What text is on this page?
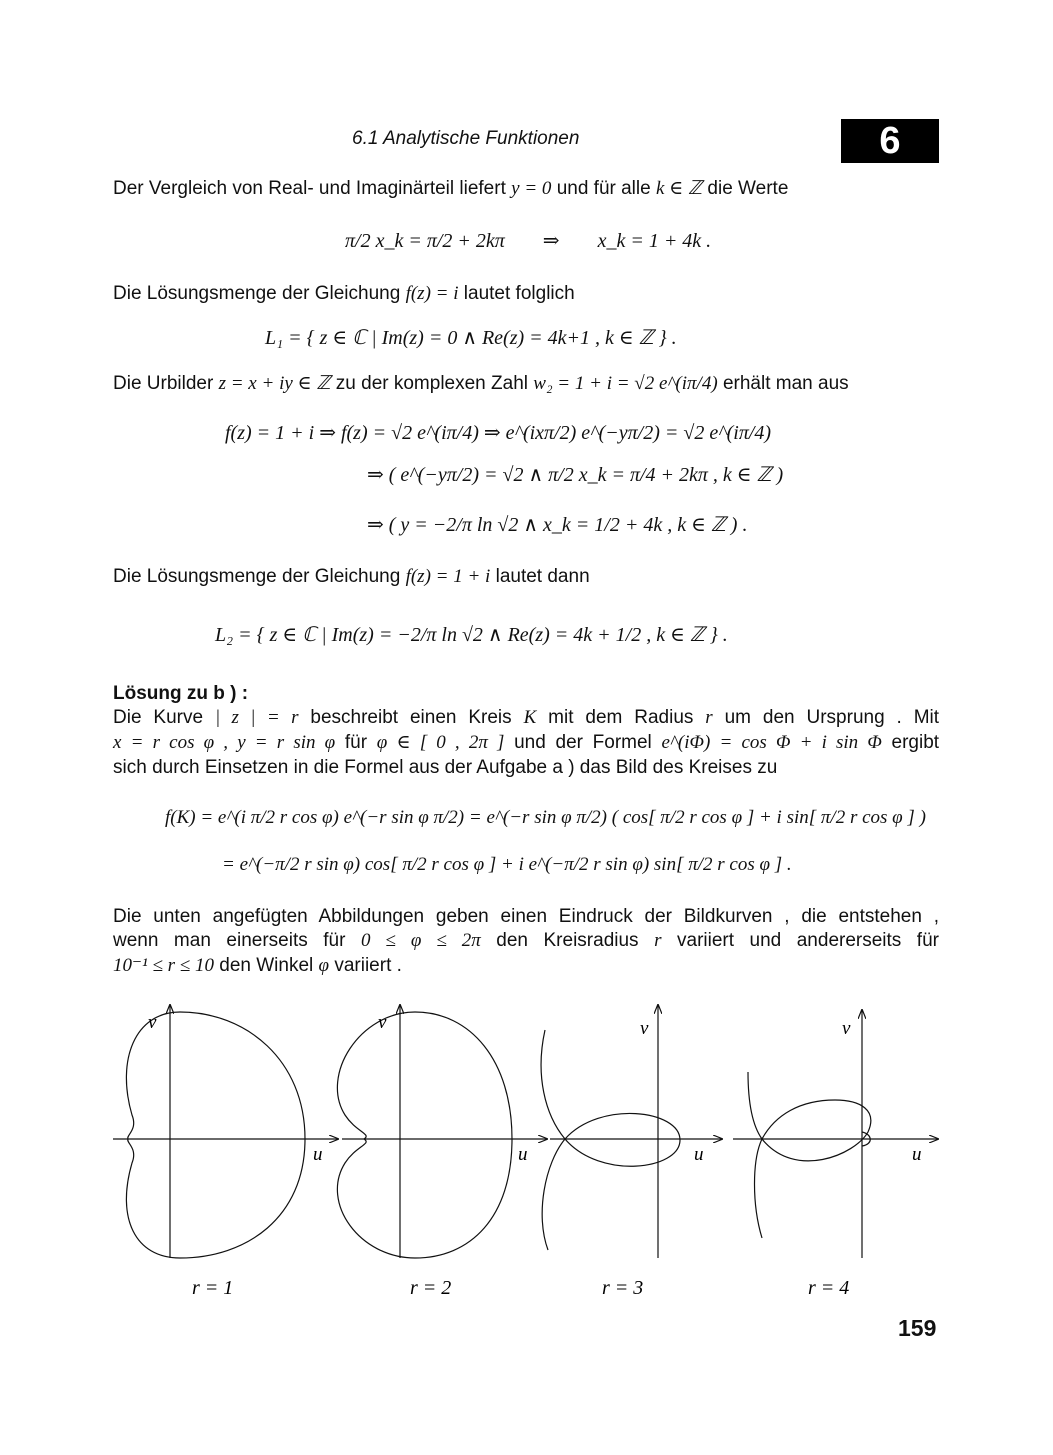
6.1 Analytische Funktionen	6
Der Vergleich von Real- und Imaginärteil liefert y = 0 und für alle k ∈ ℤ die Werte
π/2 x_k = π/2 + 2kπ ⇒ x_k = 1 + 4k .
Die Lösungsmenge der Gleichung f(z) = i lautet folglich
L₁ = { z ∈ ℂ | Im(z) = 0 ∧ Re(z) = 4k+1 , k ∈ ℤ } .
Die Urbilder z = x + iy ∈ ℤ zu der komplexen Zahl w₂ = 1 + i = √2 e^(iπ/4) erhält man aus
f(z) = 1 + i ⇒ f(z) = √2 e^(iπ/4) ⇒ e^(ixπ/2) e^(−yπ/2) = √2 e^(iπ/4)
⇒ ( e^(−yπ/2) = √2 ∧ π/2 x_k = π/4 + 2kπ , k ∈ ℤ )
⇒ ( y = −2/π ln √2 ∧ x_k = 1/2 + 4k , k ∈ ℤ ) .
Die Lösungsmenge der Gleichung f(z) = 1 + i lautet dann
L₂ = { z ∈ ℂ | Im(z) = −2/π ln √2 ∧ Re(z) = 4k + 1/2 , k ∈ ℤ } .
Lösung zu b ) :
Die Kurve | z | = r beschreibt einen Kreis K mit dem Radius r um den Ursprung . Mit
x = r cos φ , y = r sin φ für φ ∈ [ 0 , 2π ] und der Formel e^(iΦ) = cos Φ + i sin Φ ergibt
sich durch Einsetzen in die Formel aus der Aufgabe a ) das Bild des Kreises zu
f(K) = e^(i π/2 r cos φ) e^(−r sin φ π/2) = e^(−r sin φ π/2) ( cos[ π/2 r cos φ ] + i sin[ π/2 r cos φ ] )
= e^(−π/2 r sin φ) cos[ π/2 r cos φ ] + i e^(−π/2 r sin φ) sin[ π/2 r cos φ ] .
Die unten angefügten Abbildungen geben einen Eindruck der Bildkurven , die entstehen ,
wenn man einerseits für 0 ≤ φ ≤ 2π den Kreisradius r variiert und andererseits für
10⁻¹ ≤ r ≤ 10 den Winkel φ variiert .
v
u
r = 1
v
u
r = 2
v
u
r = 3
v
u
r = 4
159
